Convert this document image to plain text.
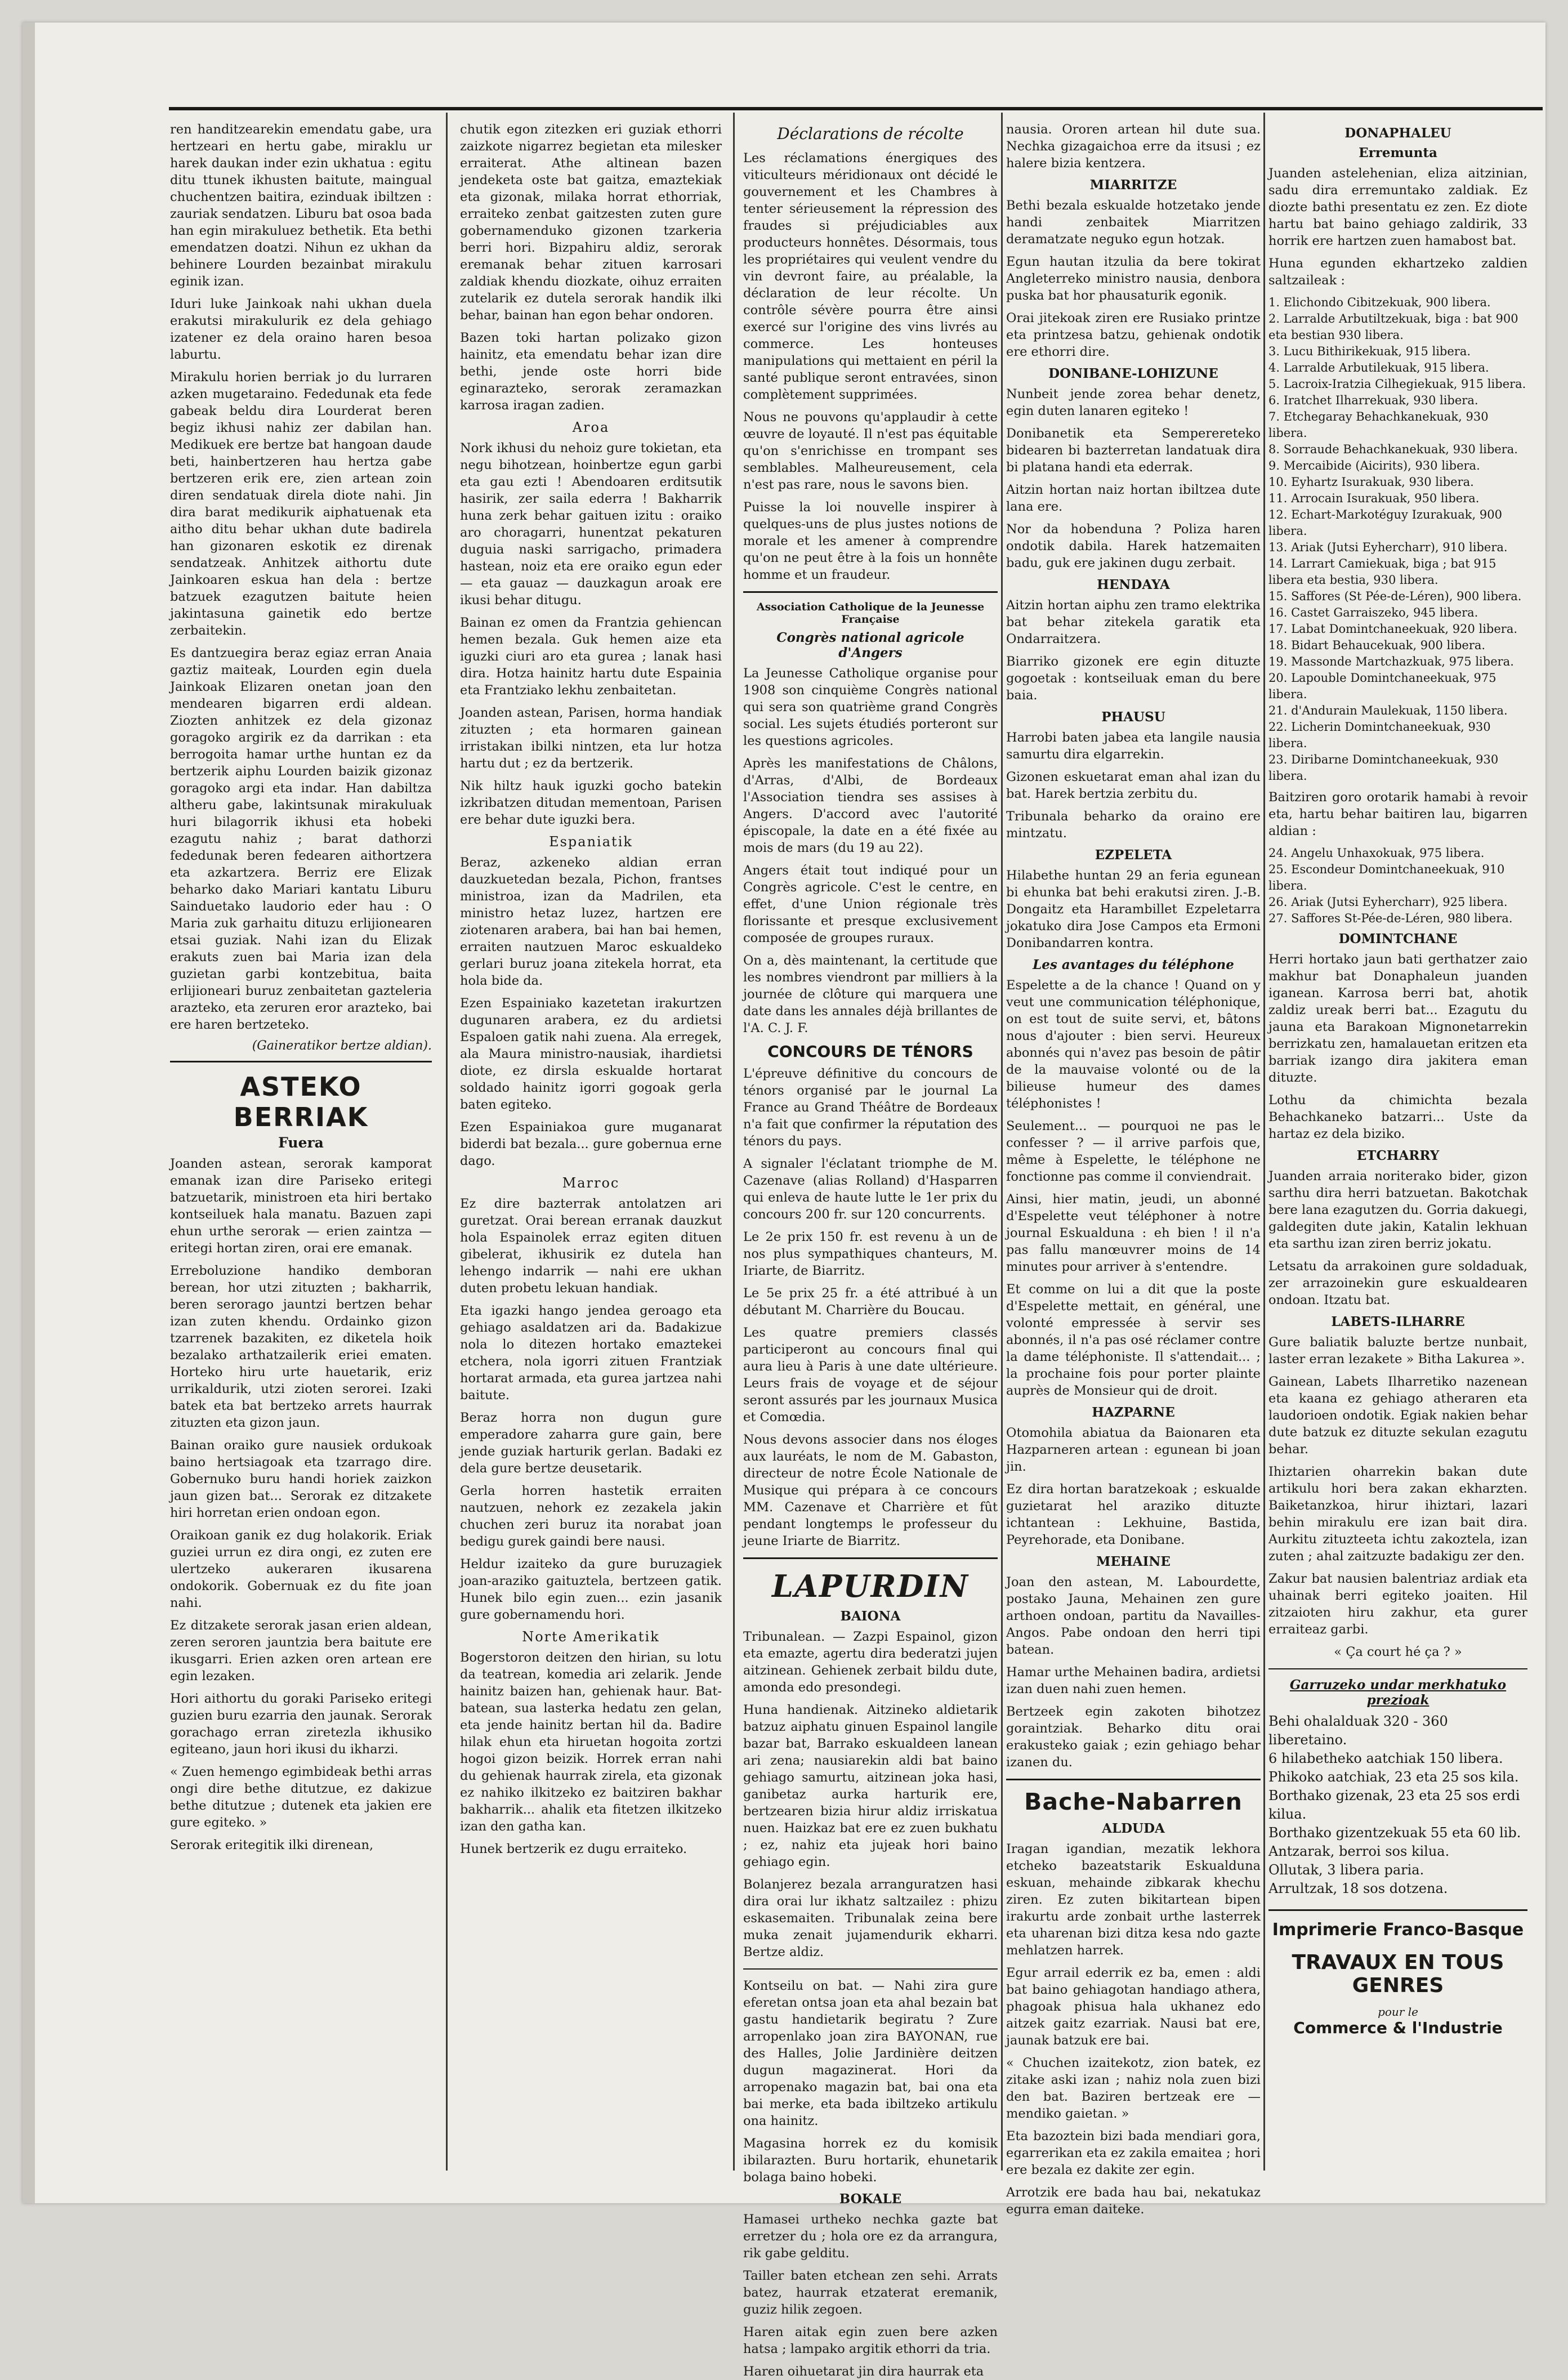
ren handitzearekin emendatu gabe, ura hertzeari en hertu gabe, miraklu ur harek daukan inder ezin ukhatua : egitu ditu ttunek ikhusten baitute, maingual chuchentzen baitira, ezinduak ibiltzen : zauriak sendatzen. Liburu bat osoa bada han egin mirakuluez bethetik. Eta bethi emendatzen doatzi. Nihun ez ukhan da behinere Lourden bezainbat mirakulu eginik izan.

Iduri luke Jainkoak nahi ukhan duela erakutsi mirakulurik ez dela gehiago izatener ez dela oraino haren besoa laburtu.

Mirakulu horien berriak jo du lurraren azken mugetaraino. Fededunak eta fede gabeak beldu dira Lourderat beren begiz ikhusi nahiz zer dabilan han. Medikuek ere bertze bat hangoan daude beti, hainbertzeren hau hertza gabe bertzeren erik ere, zien artean zoin diren sendatuak direla diote nahi. Jin dira barat medikurik aiphatuenak eta aitho ditu behar ukhan dute badirela han gizonaren eskotik ez direnak sendatzeak. Anhitzek aithortu dute Jainkoaren eskua han dela : bertze batzuek ezagutzen baitute heien jakintasuna gainetik edo bertze zerbaitekin.

Es dantzuegira beraz egiaz erran Anaia gaztiz maiteak, Lourden egin duela Jainkoak Elizaren onetan joan den mendearen bigarren erdi aldean. Ziozten anhitzek ez dela gizonaz goragoko argirik ez da darrikan : eta berrogoita hamar urthe huntan ez da bertzerik aiphu Lourden baizik gizonaz goragoko argi eta indar. Han dabiltza altheru gabe, lakintsunak mirakuluak huri bilagorrik ikhusi eta hobeki ezagutu nahiz ; barat dathorzi fededunak beren fedearen aithortzera eta azkartzera. Berriz ere Elizak beharko dako Mariari kantatu Liburu Sainduetako laudorio eder hau : O Maria zuk garhaitu dituzu erlijionearen etsai guziak. Nahi izan du Elizak erakuts zuen bai Maria izan dela guzietan garbi kontzebitua, baita erlijioneari buruz zenbaitetan gazteleria arazteko, eta zeruren eror arazteko, bai ere haren bertzeteko.

(Gaineratikor bertze aldian).
ASTEKO BERRIAK
Fuera

Joanden astean, serorak kamporat emanak izan dire Pariseko eritegi batzuetarik, ministroen eta hiri bertako kontseiluek hala manatu. Bazuen zapi ehun urthe serorak — erien zaintza — eritegi hortan ziren, orai ere emanak.

Erreboluzione handiko demboran berean, hor utzi zituzten ; bakharrik, beren serorago jauntzi bertzen behar izan zuten khendu. Ordainko gizon tzarrenek bazakiten, ez diketela hoik bezalako arthatzailerik eriei ematen. Horteko hiru urte hauetarik, eriz urrikaldurik, utzi zioten serorei. Izaki batek eta bat bertzeko arrets haurrak zituzten eta gizon jaun.

Bainan oraiko gure nausiek ordukoak baino hertsiagoak eta tzarrago dire. Gobernuko buru handi horiek zaizkon jaun gizen bat... Serorak ez ditzakete hiri horretan erien ondoan egon.

Oraikoan ganik ez dug holakorik. Eriak guziei urrun ez dira ongi, ez zuten ere ulertzeko aukeraren ikusarena ondokorik. Gobernuak ez du fite joan nahi.

Ez ditzakete serorak jasan erien aldean, zeren seroren jauntzia bera baitute ere ikusgarri. Erien azken oren artean ere egin lezaken.

Hori aithortu du goraki Pariseko eritegi guzien buru ezarria den jaunak. Serorak gorachago erran ziretezla ikhusiko egiteano, jaun hori ikusi du ikharzi.

« Zuen hemengo egimbideak bethi arras ongi dire bethe ditutzue, ez dakizue bethe ditutzue ; dutenek eta jakien ere gure egiteko. »

Serorak eritegitik ilki direnean,

chutik egon zitezken eri guziak ethorri zaizkote nigarrez begietan eta milesker erraiterat. Athe altinean bazen jendeketa oste bat gaitza, emaztekiak eta gizonak, milaka horrat ethorriak, erraiteko zenbat gaitzesten zuten gure gobernamenduko gizonen tzarkeria berri hori. Bizpahiru aldiz, serorak eremanak behar zituen karrosari zaldiak khendu diozkate, oihuz erraiten zutelarik ez dutela serorak handik ilki behar, bainan han egon behar ondoren.

Bazen toki hartan polizako gizon hainitz, eta emendatu behar izan dire bethi, jende oste horri bide eginarazteko, serorak zeramazkan karrosa iragan zadien.

Aroa

Nork ikhusi du nehoiz gure tokietan, eta negu bihotzean, hoinbertze egun garbi eta gau ezti ! Abendoaren erditsutik hasirik, zer saila ederra ! Bakharrik huna zerk behar gaituen izitu : oraiko aro choragarri, hunentzat pekaturen duguia naski sarrigacho, primadera hastean, noiz eta ere oraiko egun eder — eta gauaz — dauzkagun aroak ere ikusi behar ditugu.

Bainan ez omen da Frantzia gehiencan hemen bezala. Guk hemen aize eta iguzki ciuri aro eta gurea ; lanak hasi dira. Hotza hainitz hartu dute Espainia eta Frantziako lekhu zenbaitetan.

Joanden astean, Parisen, horma handiak zituzten ; eta hormaren gainean irristakan ibilki nintzen, eta lur hotza hartu dut ; ez da bertzerik.

Nik hiltz hauk iguzki gocho batekin izkribatzen ditudan mementoan, Parisen ere behar dute iguzki bera.

Espaniatik

Beraz, azkeneko aldian erran dauzkuetedan bezala, Pichon, frantses ministroa, izan da Madrilen, eta ministro hetaz luzez, hartzen ere ziotenaren arabera, bai han bai hemen, erraiten nautzuen Maroc eskualdeko gerlari buruz joana zitekela horrat, eta hola bide da.

Ezen Espainiako kazetetan irakurtzen dugunaren arabera, ez du ardietsi Espaloen gatik nahi zuena. Ala erregek, ala Maura ministro-nausiak, ihardietsi diote, ez dirsla eskualde hortarat soldado hainitz igorri gogoak gerla baten egiteko.

Ezen Espainiakoa gure muganarat biderdi bat bezala... gure gobernua erne dago.

Marroc

Ez dire bazterrak antolatzen ari guretzat. Orai berean erranak dauzkut hola Espainolek erraz egiten dituen gibelerat, ikhusirik ez dutela han lehengo indarrik — nahi ere ukhan duten probetu lekuan handiak.

Eta igazki hango jendea geroago eta gehiago asaldatzen ari da. Badakizue nola lo ditezen hortako emaztekei etchera, nola igorri zituen Frantziak hortarat armada, eta gurea jartzea nahi baitute.

Beraz horra non dugun gure emperadore zaharra gure gain, bere jende guziak harturik gerlan. Badaki ez dela gure bertze deusetarik.

Gerla horren hastetik erraiten nautzuen, nehork ez zezakela jakin chuchen zeri buruz ita norabat joan bedigu gurek gaindi bere nausi.

Heldur izaiteko da gure buruzagiek joan-araziko gaituztela, bertzeen gatik. Hunek bilo egin zuen... ezin jasanik gure gobernamendu hori.

Norte Amerikatik

Bogerstoron deitzen den hirian, su lotu da teatrean, komedia ari zelarik. Jende hainitz baizen han, gehienak haur. Bat-batean, sua lasterka hedatu zen gelan, eta jende hainitz bertan hil da. Badire hilak ehun eta hiruetan hogoita zortzi hogoi gizon beizik. Horrek erran nahi du gehienak haurrak zirela, eta gizonak ez nahiko ilkitzeko ez baitziren bakhar bakharrik... ahalik eta fitetzen ilkitzeko izan den gatha kan.

Hunek bertzerik ez dugu erraiteko.

Déclarations de récolte

Les réclamations énergiques des viticulteurs méridionaux ont décidé le gouvernement et les Chambres à tenter sérieusement la répression des fraudes si préjudiciables aux producteurs honnêtes. Désormais, tous les propriétaires qui veulent vendre du vin devront faire, au préalable, la déclaration de leur récolte. Un contrôle sévère pourra être ainsi exercé sur l'origine des vins livrés au commerce. Les honteuses manipulations qui mettaient en péril la santé publique seront entravées, sinon complètement supprimées.

Nous ne pouvons qu'applaudir à cette œuvre de loyauté. Il n'est pas équitable qu'on s'enrichisse en trompant ses semblables. Malheureusement, cela n'est pas rare, nous le savons bien.

Puisse la loi nouvelle inspirer à quelques-uns de plus justes notions de morale et les amener à comprendre qu'on ne peut être à la fois un honnête homme et un fraudeur.

Association Catholique de la Jeunesse Française
Congrès national agricole d'Angers

La Jeunesse Catholique organise pour 1908 son cinquième Congrès national qui sera son quatrième grand Congrès social. Les sujets étudiés porteront sur les questions agricoles.

Après les manifestations de Châlons, d'Arras, d'Albi, de Bordeaux l'Association tiendra ses assises à Angers. D'accord avec l'autorité épiscopale, la date en a été fixée au mois de mars (du 19 au 22).

Angers était tout indiqué pour un Congrès agricole. C'est le centre, en effet, d'une Union régionale très florissante et presque exclusivement composée de groupes ruraux.

On a, dès maintenant, la certitude que les nombres viendront par milliers à la journée de clôture qui marquera une date dans les annales déjà brillantes de l'A. C. J. F.

CONCOURS DE TÉNORS

L'épreuve définitive du concours de ténors organisé par le journal La France au Grand Théâtre de Bordeaux n'a fait que confirmer la réputation des ténors du pays.

A signaler l'éclatant triomphe de M. Cazenave (alias Rolland) d'Hasparren qui enleva de haute lutte le 1er prix du concours 200 fr. sur 120 concurrents.

Le 2e prix 150 fr. est revenu à un de nos plus sympathiques chanteurs, M. Iriarte, de Biarritz.

Le 5e prix 25 fr. a été attribué à un débutant M. Charrière du Boucau.

Les quatre premiers classés participeront au concours final qui aura lieu à Paris à une date ultérieure. Leurs frais de voyage et de séjour seront assurés par les journaux Musica et Comœdia.

Nous devons associer dans nos éloges aux lauréats, le nom de M. Gabaston, directeur de notre École Nationale de Musique qui prépara à ce concours MM. Cazenave et Charrière et fût pendant longtemps le professeur du jeune Iriarte de Biarritz.

LAPURDIN
BAIONA

Tribunalean. — Zazpi Espainol, gizon eta emazte, agertu dira bederatzi jujen aitzinean. Gehienek zerbait bildu dute, amonda edo presondegi.

Huna handienak. Aitzineko aldietarik batzuz aiphatu ginuen Espainol langile bazar bat, Barrako eskualdeen lanean ari zena; nausiarekin aldi bat baino gehiago samurtu, aitzinean joka hasi, ganibetaz aurka harturik ere, bertzearen bizia hirur aldiz irriskatua nuen. Haizkaz bat ere ez zuen bukhatu ; ez, nahiz eta jujeak hori baino gehiago egin.

Bolanjerez bezala arranguratzen hasi dira orai lur ikhatz saltzailez : phizu eskasemaiten. Tribunalak zeina bere muka zenait jujamendurik ekharri. Bertze aldiz.

Kontseilu on bat. — Nahi zira gure eferetan ontsa joan eta ahal bezain bat gastu handietarik begiratu ? Zure arropenlako joan zira BAYONAN, rue des Halles, Jolie Jardinière deitzen dugun magazinerat. Hori da arropenako magazin bat, bai ona eta bai merke, eta bada ibiltzeko artikulu ona hainitz.

Magasina horrek ez du komisik ibilarazten. Buru hortarik, ehunetarik bolaga baino hobeki.

BOKALE

Hamasei urtheko nechka gazte bat erretzer du ; hola ore ez da arrangura, rik gabe gelditu.

Tailler baten etchean zen sehi. Arrats batez, haurrak etzaterat eremanik, guziz hilik zegoen.

Haren aitak egin zuen bere azken hatsa ; lampako argitik ethorri da tria.

Haren oihuetarat jin dira haurrak eta

nausia. Ororen artean hil dute sua. Nechka gizagaichoa erre da itsusi ; ez halere bizia kentzera.

MIARRITZE

Bethi bezala eskualde hotzetako jende handi zenbaitek Miarritzen deramatzate neguko egun hotzak.

Egun hautan itzulia da bere tokirat Angleterreko ministro nausia, denbora puska bat hor phausaturik egonik.

Orai jitekoak ziren ere Rusiako printze eta printzesa batzu, gehienak ondotik ere ethorri dire.

DONIBANE-LOHIZUNE

Nunbeit jende zorea behar denetz, egin duten lanaren egiteko !

Donibanetik eta Semperereteko bidearen bi bazterretan landatuak dira bi platana handi eta ederrak.

Aitzin hortan naiz hortan ibiltzea dute lana ere.

Nor da hobenduna ? Poliza haren ondotik dabila. Harek hatzemaiten badu, guk ere jakinen dugu zerbait.

HENDAYA

Aitzin hortan aiphu zen tramo elektrika bat behar zitekela garatik eta Ondarraitzera.

Biarriko gizonek ere egin dituzte gogoetak : kontseiluak eman du bere baia.

PHAUSU

Harrobi baten jabea eta langile nausia samurtu dira elgarrekin.

Gizonen eskuetarat eman ahal izan du bat. Harek bertzia zerbitu du.

Tribunala beharko da oraino ere mintzatu.

EZPELETA

Hilabethe huntan 29 an feria egunean bi ehunka bat behi erakutsi ziren. J.-B. Dongaitz eta Harambillet Ezpeletarra jokatuko dira Jose Campos eta Ermoni Donibandarren kontra.

Les avantages du téléphone

Espelette a de la chance ! Quand on y veut une communication téléphonique, on est tout de suite servi, et, bâtons nous d'ajouter : bien servi. Heureux abonnés qui n'avez pas besoin de pâtir de la mauvaise volonté ou de la bilieuse humeur des dames téléphonistes !

Seulement... — pourquoi ne pas le confesser ? — il arrive parfois que, même à Espelette, le téléphone ne fonctionne pas comme il conviendrait.

Ainsi, hier matin, jeudi, un abonné d'Espelette veut téléphoner à notre journal Eskualduna : eh bien ! il n'a pas fallu manœuvrer moins de 14 minutes pour arriver à s'entendre.

Et comme on lui a dit que la poste d'Espelette mettait, en général, une volonté empressée à servir ses abonnés, il n'a pas osé réclamer contre la dame téléphoniste. Il s'attendait... ; la prochaine fois pour porter plainte auprès de Monsieur qui de droit.

HAZPARNE

Otomohila abiatua da Baionaren eta Hazparneren artean : egunean bi joan jin.

Ez dira hortan baratzekoak ; eskualde guzietarat hel araziko dituzte ichtantean : Lekhuine, Bastida, Peyrehorade, eta Donibane.

MEHAINE

Joan den astean, M. Labourdette, postako Jauna, Mehainen zen gure arthoen ondoan, partitu da Navailles-Angos. Pabe ondoan den herri tipi batean.

Hamar urthe Mehainen badira, ardietsi izan duen nahi zuen hemen.

Bertzeek egin zakoten bihotzez goraintziak. Beharko ditu orai erakusteko gaiak ; ezin gehiago behar izanen du.

Bache-Nabarren
ALDUDA

Iragan igandian, mezatik lekhora etcheko bazeatstarik Eskualduna eskuan, mehainde zibkarak khechu ziren. Ez zuten bikitartean bipen irakurtu arde zonbait urthe lasterrek eta uharenan bizi ditza kesa ndo gazte mehlatzen harrek.

Egur arrail ederrik ez ba, emen : aldi bat baino gehiagotan handiago athera, phagoak phisua hala ukhanez edo aitzek gaitz ezarriak. Nausi bat ere, jaunak batzuk ere bai.

« Chuchen izaitekotz, zion batek, ez zitake aski izan ; nahiz nola zuen bizi den bat. Baziren bertzeak ere — mendiko gaietan. »

Eta bazoztein bizi bada mendiari gora, egarrerikan eta ez zakila emaitea ; hori ere bezala ez dakite zer egin.

Arrotzik ere bada hau bai, nekatukaz egurra eman daiteke.

DONAPHALEU
Erremunta

Juanden astelehenian, eliza aitzinian, sadu dira erremuntako zaldiak. Ez diozte bathi presentatu ez zen. Ez diote hartu bat baino gehiago zaldirik, 33 horrik ere hartzen zuen hamabost bat.

Huna egunden ekhartzeko zaldien saltzaileak :

1. Elichondo Cibitzekuak, 900 libera.
2. Larralde Arbutiltzekuak, biga : bat 900 eta bestian 930 libera.
3. Lucu Bithirikekuak, 915 libera.
4. Larralde Arbutilekuak, 915 libera.
5. Lacroix-Iratzia Cilhegiekuak, 915 libera.
6. Iratchet Ilharrekuak, 930 libera.
7. Etchegaray Behachkanekuak, 930 libera.
8. Sorraude Behachkanekuak, 930 libera.
9. Mercaibide (Aicirits), 930 libera.
10. Eyhartz Isurakuak, 930 libera.
11. Arrocain Isurakuak, 950 libera.
12. Echart-Markotéguy Izurakuak, 900 libera.
13. Ariak (Jutsi Eyhercharr), 910 libera.
14. Larrart Camiekuak, biga ; bat 915 libera eta bestia, 930 libera.
15. Saffores (St Pée-de-Léren), 900 libera.
16. Castet Garraiszeko, 945 libera.
17. Labat Domintchaneekuak, 920 libera.
18. Bidart Behaucekuak, 900 libera.
19. Massonde Martchazkuak, 975 libera.
20. Lapouble Domintchaneekuak, 975 libera.
21. d'Andurain Maulekuak, 1150 libera.
22. Licherin Domintchaneekuak, 930 libera.
23. Diribarne Domintchaneekuak, 930 libera.

Baitziren goro orotarik hamabi à revoir eta, hartu behar baitiren lau, bigarren aldian :

24. Angelu Unhaxokuak, 975 libera.
25. Escondeur Domintchaneekuak, 910 libera.
26. Ariak (Jutsi Eyhercharr), 925 libera.
27. Saffores St-Pée-de-Léren, 980 libera.
DOMINTCHANE

Herri hortako jaun bati gerthatzer zaio makhur bat Donaphaleun juanden iganean. Karrosa berri bat, ahotik zaldiz ureak berri bat... Ezagutu du jauna eta Barakoan Mignonetarrekin berrizkatu zen, hamalauetan eritzen eta barriak izango dira jakitera eman dituzte.

Lothu da chimichta bezala Behachkaneko batzarri... Uste da hartaz ez dela biziko.

ETCHARRY

Juanden arraia noriterako bider, gizon sarthu dira herri batzuetan. Bakotchak bere lana ezagutzen du. Gorria dakuegi, galdegiten dute jakin, Katalin lekhuan eta sarthu izan ziren berriz jokatu.

Letsatu da arrakoinen gure soldaduak, zer arrazoinekin gure eskualdearen ondoan. Itzatu bat.

LABETS-ILHARRE

Gure baliatik baluzte bertze nunbait, laster erran lezakete » Bitha Lakurea ».

Gainean, Labets Ilharretiko nazenean eta kaana ez gehiago atheraren eta laudorioen ondotik. Egiak nakien behar dute batzuk ez dituzte sekulan ezagutu behar.

Ihiztarien oharrekin bakan dute artikulu hori bera zakan ekharzten. Baiketanzkoa, hirur ihiztari, lazari behin mirakulu ere izan bait dira. Aurkitu zituzteeta ichtu zakoztela, izan zuten ; ahal zaitzuzte badakigu zer den.

Zakur bat nausien balentriaz ardiak eta uhainak berri egiteko joaiten. Hil zitzaioten hiru zakhur, eta gurer erraiteaz garbi.

« Ça court hé ça ? »

Garruzeko undar merkhatuko prezioak
Behi ohalalduak 320 - 360 liberetaino.
6 hilabetheko aatchiak 150 libera.
Phikoko aatchiak, 23 eta 25 sos kila.
Borthako gizenak, 23 eta 25 sos erdi kilua.
Borthako gizentzekuak 55 eta 60 lib.
Antzarak, berroi sos kilua.
Ollutak, 3 libera paria.
Arrultzak, 18 sos dotzena.
Imprimerie Franco-Basque
TRAVAUX EN TOUS GENRES
pour le
Commerce & l'Industrie
